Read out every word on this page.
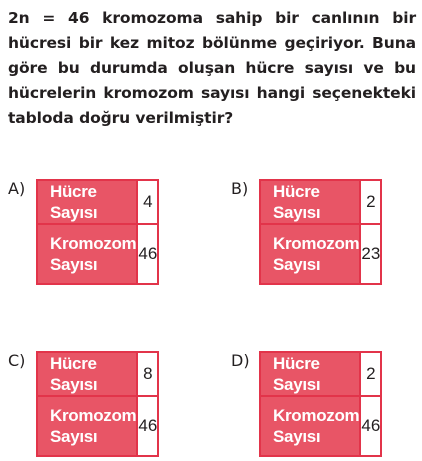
2n = 46 kromozoma sahip bir canlının bir hücresi bir kez mitoz bölünme geçiriyor. Buna göre bu durumda oluşan hücre sayısı ve bu hücrelerin kromozom sayısı hangi seçenekteki tabloda doğru verilmiştir?
A) Hücre Sayısı	4
Kromozom
Sayısı	46
B) Hücre Sayısı	2
Kromozom
Sayısı	23
C) Hücre Sayısı	8
Kromozom
Sayısı	46
D) Hücre Sayısı	2
Kromozom
Sayısı	46
